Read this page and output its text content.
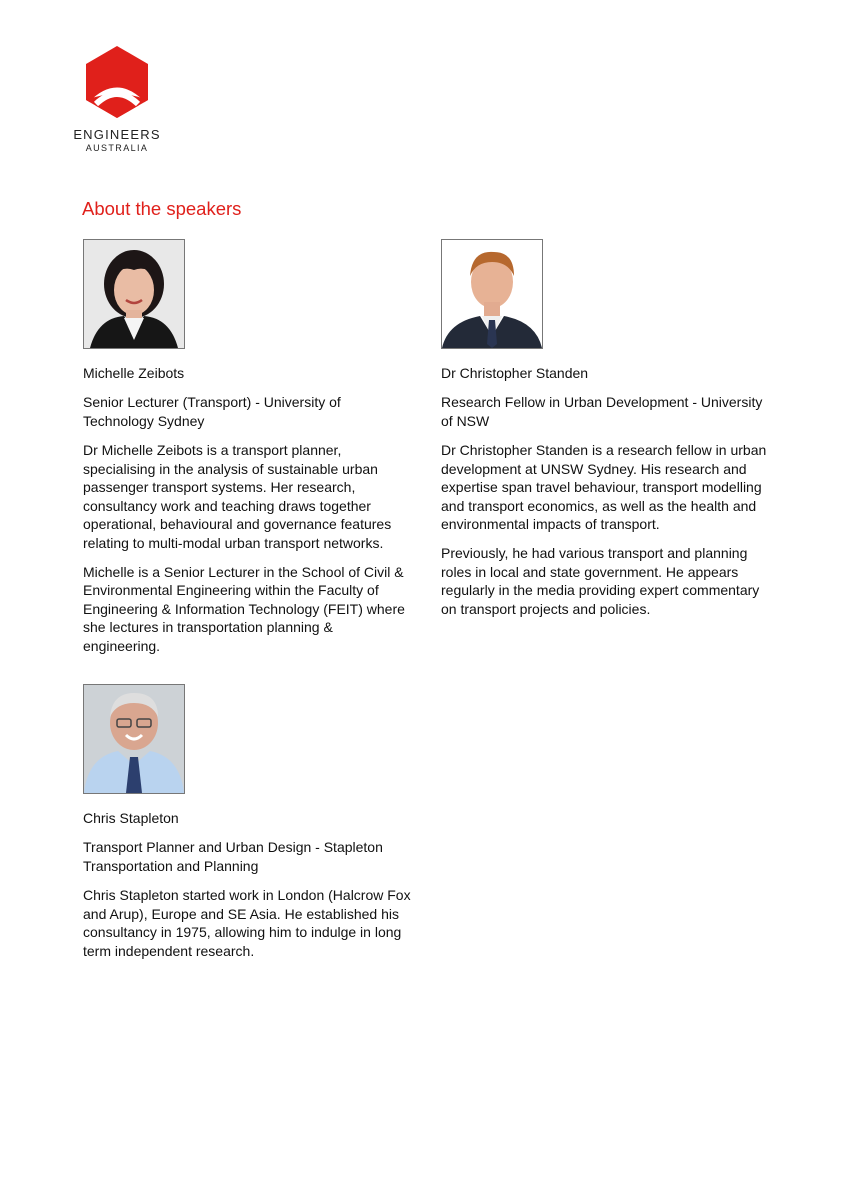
ENGINEERS
AUSTRALIA
About the speakers
Michelle Zeibots
Senior Lecturer (Transport) - University of Technology Sydney

Dr Michelle Zeibots is a transport planner, specialising in the analysis of sustainable urban passenger transport systems. Her research, consultancy work and teaching draws together operational, behavioural and governance features relating to multi-modal urban transport networks.

Michelle is a Senior Lecturer in the School of Civil & Environmental Engineering within the Faculty of Engineering & Information Technology (FEIT) where she lectures in transportation planning & engineering.

Dr Christopher Standen
Research Fellow in Urban Development - University of NSW

Dr Christopher Standen is a research fellow in urban development at UNSW Sydney. His research and expertise span travel behaviour, transport modelling and transport economics, as well as the health and environmental impacts of transport.

Previously, he had various transport and planning roles in local and state government. He appears regularly in the media providing expert commentary on transport projects and policies.

Chris Stapleton
Transport Planner and Urban Design - Stapleton Transportation and Planning

Chris Stapleton started work in London (Halcrow Fox and Arup), Europe and SE Asia. He established his consultancy in 1975, allowing him to indulge in long term independent research.
